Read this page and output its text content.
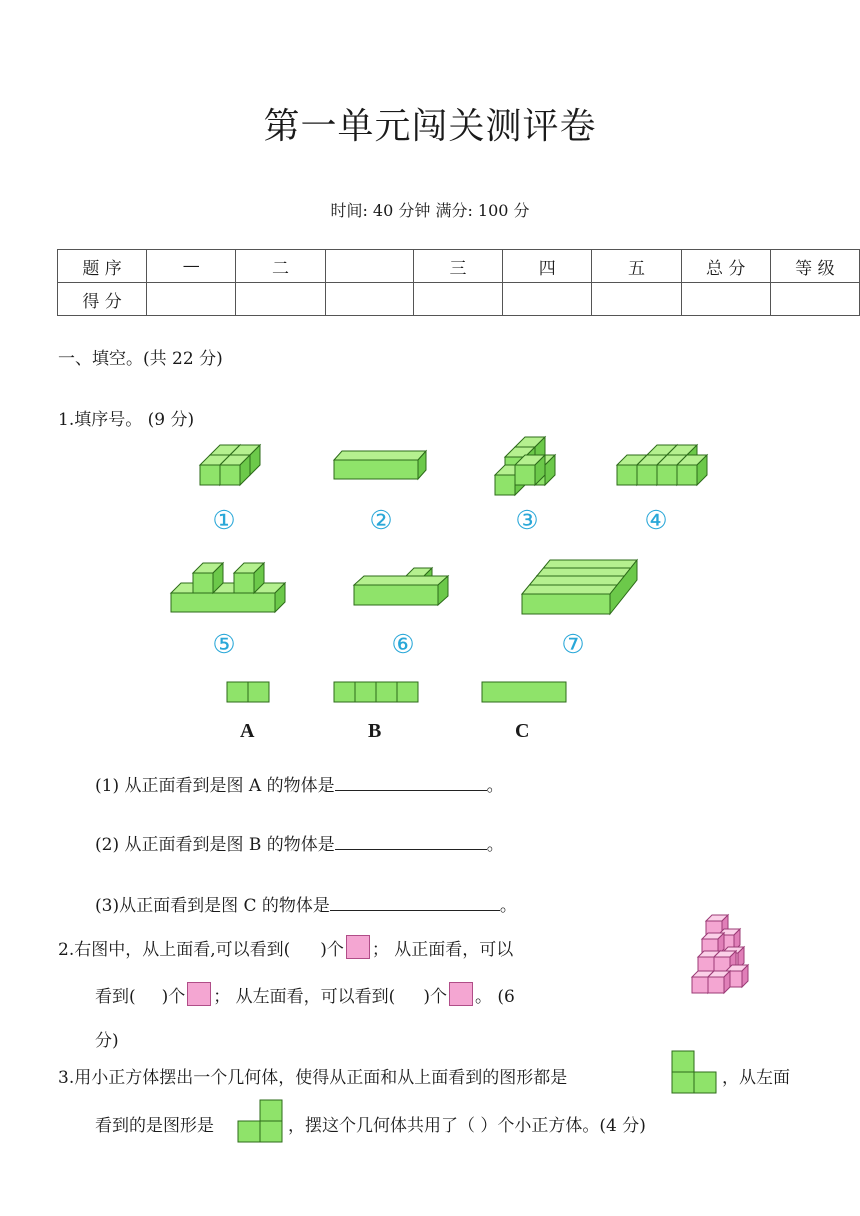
第一单元闯关测评卷
时间: 40 分钟 满分: 100 分
题 序	—	二		三	四	五	总 分	等 级
得 分								
一、填空。(共 22 分)
1.填序号。 (9 分)
①	②	③	④
⑤	⑥	⑦
A	B	C
(1) 从正面看到是图 A 的物体是	。
(2) 从正面看到是图 B 的物体是	。
(3)从正面看到是图 C 的物体是	。
2.右图中，从上面看,可以看到( )个 ； 从正面看，可以
看到( )个 ； 从左面看，可以看到( )个 。 (6
分)
3.用小正方体摆出一个几何体，使得从正面和从上面看到的图形都是	，从左面
看到的是图形是	，摆这个几何体共用了（ ）个小正方体。(4 分)
